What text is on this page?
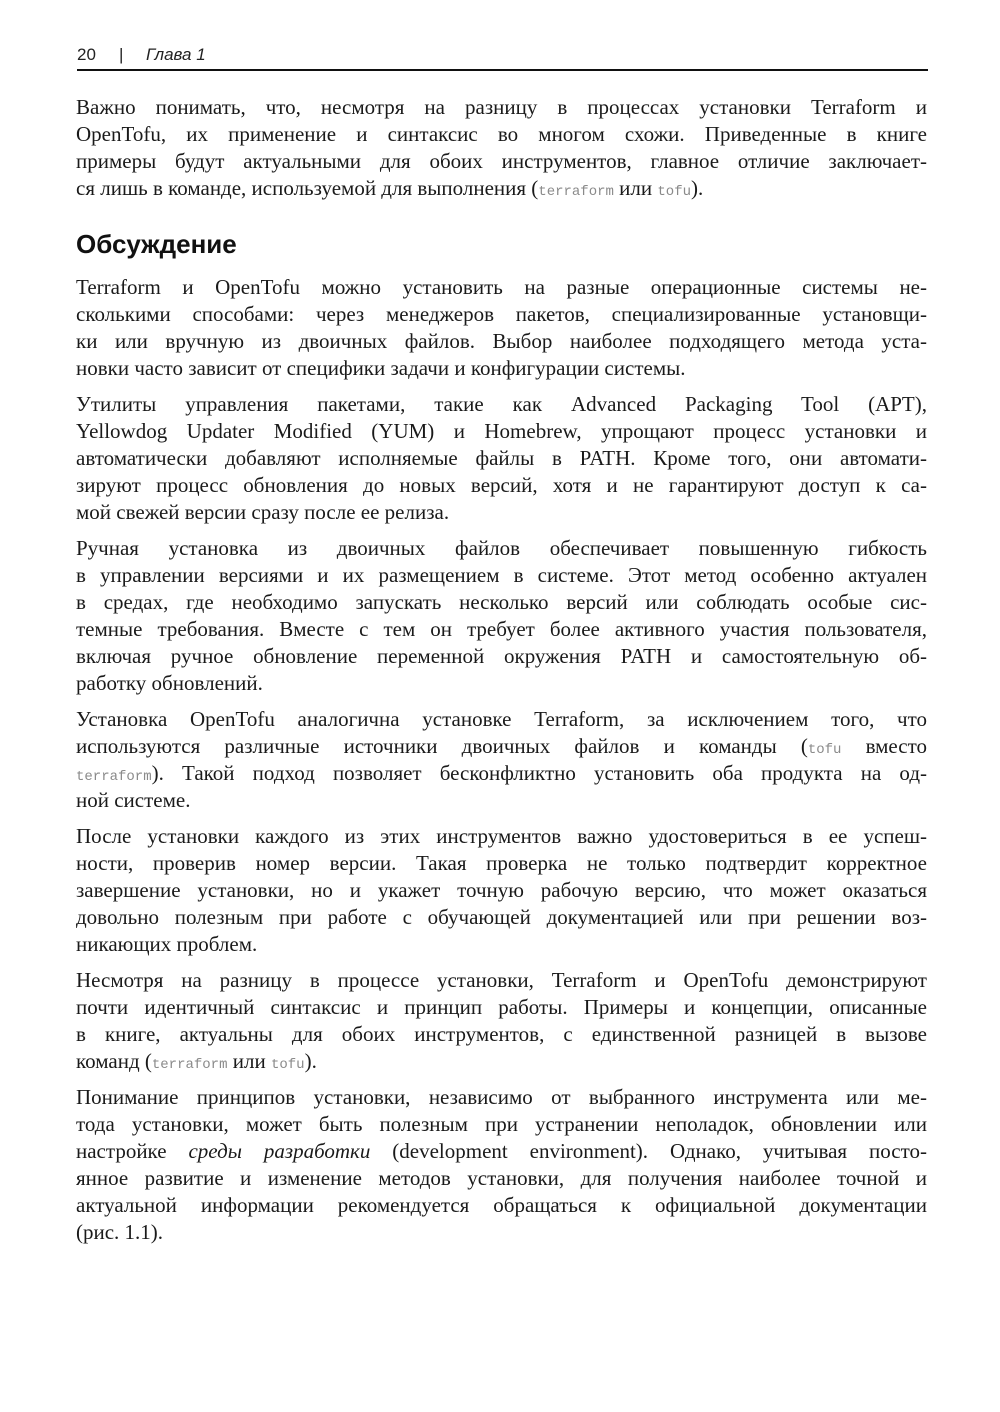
20 | Глава 1
Важно понимать, что, несмотря на разницу в процессах установки Terraform и
OpenTofu, их применение и синтаксис во многом схожи. Приведенные в книге
примеры будут актуальными для обоих инструментов, главное отличие заключает-
ся лишь в команде, используемой для выполнения (terraform или tofu).
Обсуждение
Terraform и OpenTofu можно установить на разные операционные системы не-
сколькими способами: через менеджеров пакетов, специализированные установщи-
ки или вручную из двоичных файлов. Выбор наиболее подходящего метода уста-
новки часто зависит от специфики задачи и конфигурации системы.
Утилиты управления пакетами, такие как Advanced Packaging Tool (APT),
Yellowdog Updater Modified (YUM) и Homebrew, упрощают процесс установки и
автоматически добавляют исполняемые файлы в PATH. Кроме того, они автомати-
зируют процесс обновления до новых версий, хотя и не гарантируют доступ к са-
мой свежей версии сразу после ее релиза.
Ручная установка из двоичных файлов обеспечивает повышенную гибкость
в управлении версиями и их размещением в системе. Этот метод особенно актуален
в средах, где необходимо запускать несколько версий или соблюдать особые сис-
темные требования. Вместе с тем он требует более активного участия пользователя,
включая ручное обновление переменной окружения PATH и самостоятельную об-
работку обновлений.
Установка OpenTofu аналогична установке Terraform, за исключением того, что
используются различные источники двоичных файлов и команды (tofu вместо
terraform). Такой подход позволяет бесконфликтно установить оба продукта на од-
ной системе.
После установки каждого из этих инструментов важно удостовериться в ее успеш-
ности, проверив номер версии. Такая проверка не только подтвердит корректное
завершение установки, но и укажет точную рабочую версию, что может оказаться
довольно полезным при работе с обучающей документацией или при решении воз-
никающих проблем.
Несмотря на разницу в процессе установки, Terraform и OpenTofu демонстрируют
почти идентичный синтаксис и принцип работы. Примеры и концепции, описанные
в книге, актуальны для обоих инструментов, с единственной разницей в вызове
команд (terraform или tofu).
Понимание принципов установки, независимо от выбранного инструмента или ме-
тода установки, может быть полезным при устранении неполадок, обновлении или
настройке среды разработки (development environment). Однако, учитывая посто-
янное развитие и изменение методов установки, для получения наиболее точной и
актуальной информации рекомендуется обращаться к официальной документации
(рис. 1.1).
